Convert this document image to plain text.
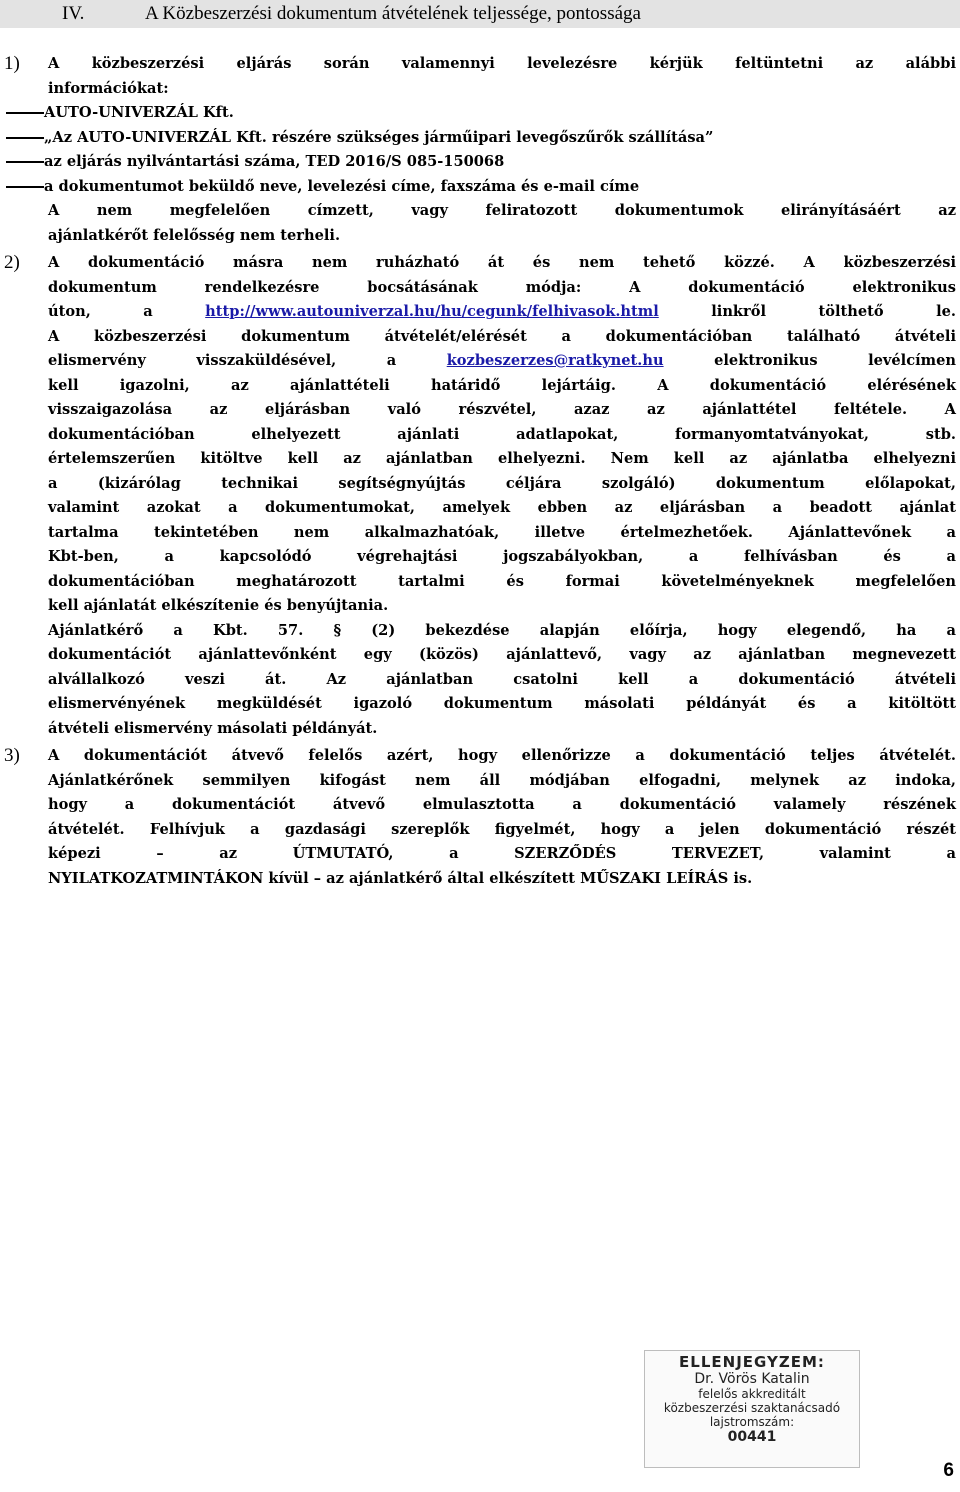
IV.	A Közbeszerzési dokumentum átvételének teljessége, pontossága
1) A közbeszerzési eljárás során valamennyi levelezésre kérjük feltüntetni az alábbi
információkat:
AUTO-UNIVERZÁL Kft.
„Az AUTO-UNIVERZÁL Kft. részére szükséges járműipari levegőszűrők szállítása”
az eljárás nyilvántartási száma, TED 2016/S 085-150068
a dokumentumot beküldő neve, levelezési címe, faxszáma és e-mail címe
A nem megfelelően címzett, vagy feliratozott dokumentumok elirányításáért az
ajánlatkérőt felelősség nem terheli.
2) A dokumentáció másra nem ruházható át és nem tehető közzé. A közbeszerzési
dokumentum rendelkezésre bocsátásának módja: A dokumentáció elektronikus
úton, a http://www.autouniverzal.hu/hu/cegunk/felhivasok.html linkről tölthető le.
A közbeszerzési dokumentum átvételét/elérését a dokumentációban található átvételi
elismervény visszaküldésével, a kozbeszerzes@ratkynet.hu elektronikus levélcímen
kell igazolni, az ajánlattételi határidő lejártáig. A dokumentáció elérésének
visszaigazolása az eljárásban való részvétel, azaz az ajánlattétel feltétele. A
dokumentációban elhelyezett ajánlati adatlapokat, formanyomtatványokat, stb.
értelemszerűen kitöltve kell az ajánlatban elhelyezni. Nem kell az ajánlatba elhelyezni
a (kizárólag technikai segítségnyújtás céljára szolgáló) dokumentum előlapokat,
valamint azokat a dokumentumokat, amelyek ebben az eljárásban a beadott ajánlat
tartalma tekintetében nem alkalmazhatóak, illetve értelmezhetőek. Ajánlattevőnek a
Kbt-ben, a kapcsolódó végrehajtási jogszabályokban, a felhívásban és a
dokumentációban meghatározott tartalmi és formai követelményeknek megfelelően
kell ajánlatát elkészítenie és benyújtania.
Ajánlatkérő a Kbt. 57. § (2) bekezdése alapján előírja, hogy elegendő, ha a
dokumentációt ajánlattevőnként egy (közös) ajánlattevő, vagy az ajánlatban megnevezett
alvállalkozó veszi át. Az ajánlatban csatolni kell a dokumentáció átvételi
elismervényének megküldését igazoló dokumentum másolati példányát és a kitöltött
átvételi elismervény másolati példányát.
3) A dokumentációt átvevő felelős azért, hogy ellenőrizze a dokumentáció teljes átvételét.
Ajánlatkérőnek semmilyen kifogást nem áll módjában elfogadni, melynek az indoka,
hogy a dokumentációt átvevő elmulasztotta a dokumentáció valamely részének
átvételét. Felhívjuk a gazdasági szereplők figyelmét, hogy a jelen dokumentáció részét
képezi – az ÚTMUTATÓ, a SZERZŐDÉS TERVEZET, valamint a
NYILATKOZATMINTÁKON kívül – az ajánlatkérő által elkészített MŰSZAKI LEÍRÁS is.
ELLENJEGYZEM:
Dr. Vörös Katalin
felelős akkreditált
közbeszerzési szaktanácsadó
lajstromszám:
00441
6
